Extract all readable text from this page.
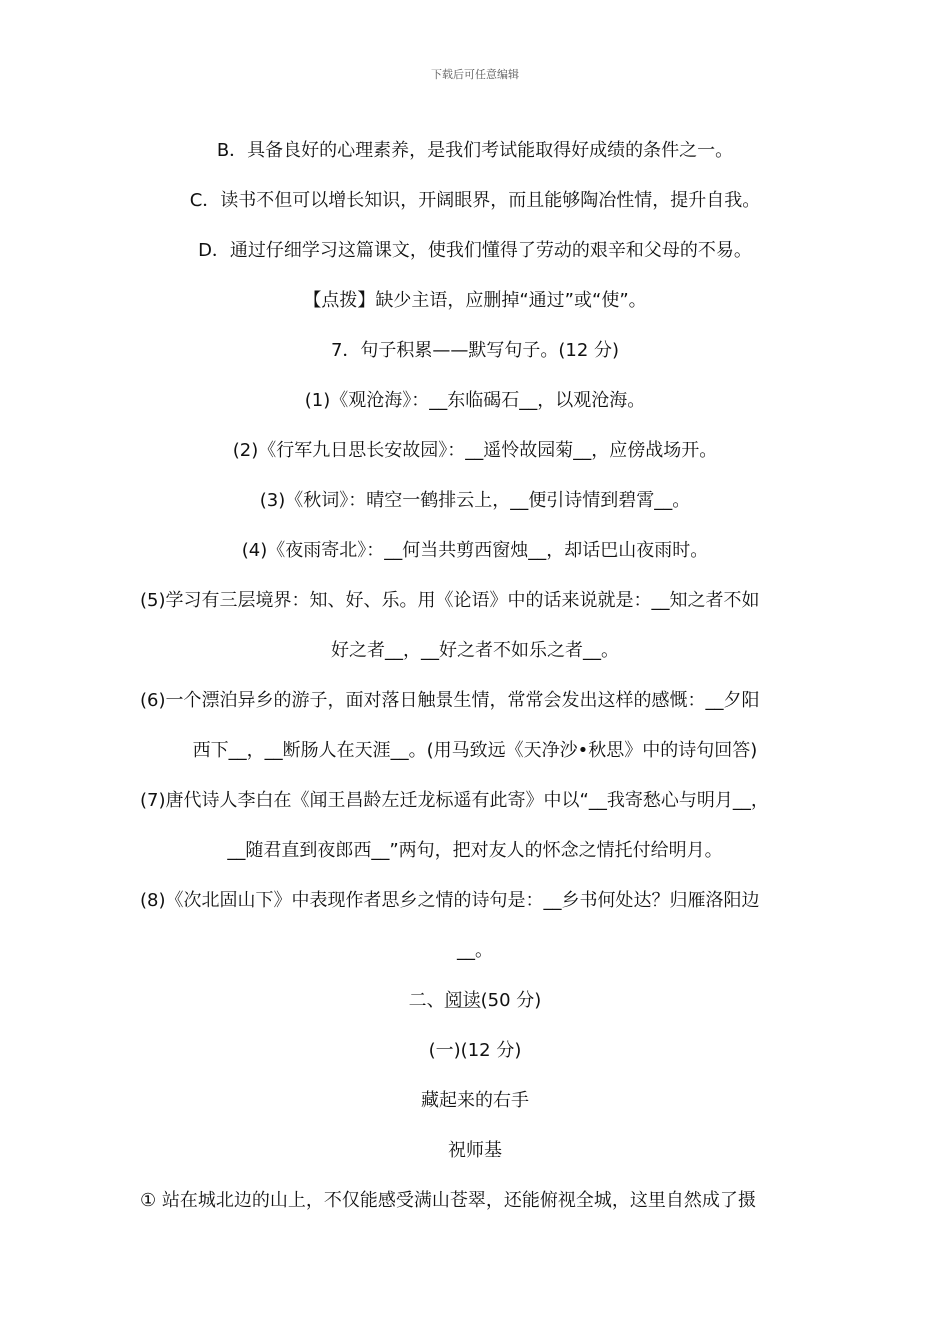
下载后可任意编辑
B．具备良好的心理素养，是我们考试能取得好成绩的条件之一。
C．读书不但可以增长知识，开阔眼界，而且能够陶冶性情，提升自我。
D．通过仔细学习这篇课文，使我们懂得了劳动的艰辛和父母的不易。
【点拨】缺少主语，应删掉“通过”或“使”。
7．句子积累——默写句子。(12 分)
(1)《观沧海》：__东临碣石__，以观沧海。
(2)《行军九日思长安故园》：__遥怜故园菊__，应傍战场开。
(3)《秋词》：晴空一鹤排云上，__便引诗情到碧霄__。
(4)《夜雨寄北》：__何当共剪西窗烛__，却话巴山夜雨时。
(5)学习有三层境界：知、好、乐。用《论语》中的话来说就是：__知之者不如
好之者__，__好之者不如乐之者__。
(6)一个漂泊异乡的游子，面对落日触景生情，常常会发出这样的感慨：__夕阳
西下__，__断肠人在天涯__。(用马致远《天净沙•秋思》中的诗句回答)
(7)唐代诗人李白在《闻王昌龄左迁龙标遥有此寄》中以“__我寄愁心与明月__，
__随君直到夜郎西__”两句，把对友人的怀念之情托付给明月。
(8)《次北固山下》中表现作者思乡之情的诗句是：__乡书何处达？归雁洛阳边
__。
二、阅读(50 分)
(一)(12 分)
藏起来的右手
祝师基
① 站在城北边的山上，不仅能感受满山苍翠，还能俯视全城，这里自然成了摄
